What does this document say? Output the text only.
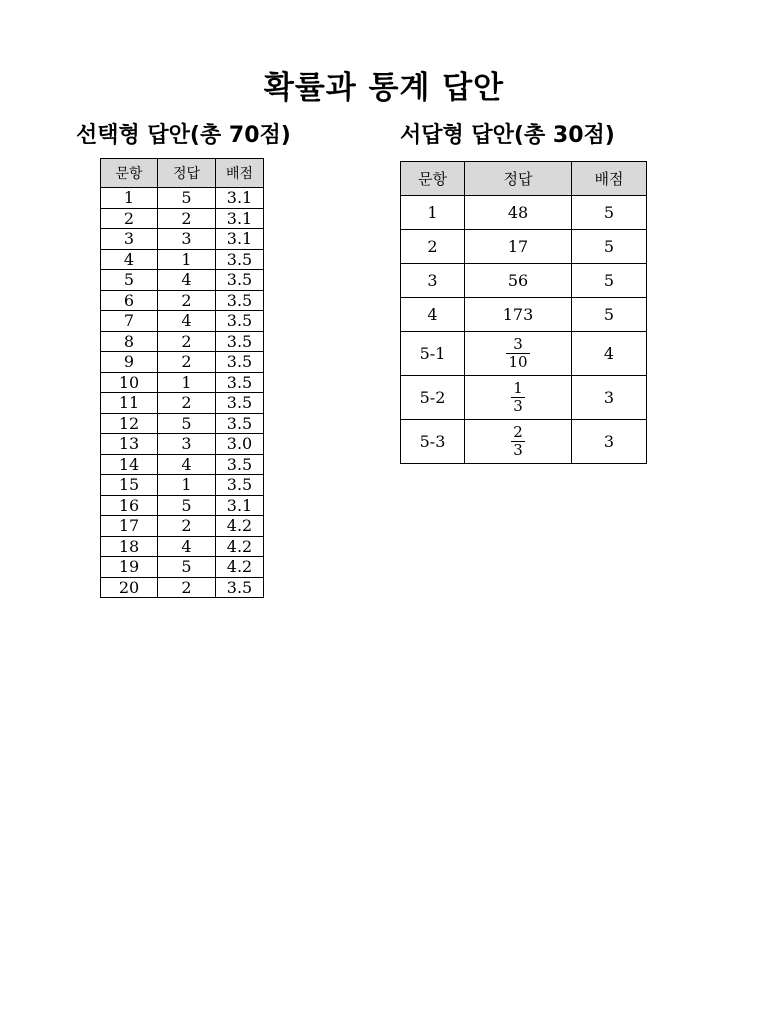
확률과 통계 답안
선택형 답안(총 70점)	서답형 답안(총 30점)
문항	정답	배점
1	5	3.1
2	2	3.1
3	3	3.1
4	1	3.5
5	4	3.5
6	2	3.5
7	4	3.5
8	2	3.5
9	2	3.5
10	1	3.5
11	2	3.5
12	5	3.5
13	3	3.0
14	4	3.5
15	1	3.5
16	5	3.1
17	2	4.2
18	4	4.2
19	5	4.2
20	2	3.5
문항	정답	배점
1	48	5
2	17	5
3	56	5
4	173	5
5-1	$\frac{3}{10}$	4
5-2	$\frac{1}{3}$	3
5-3	$\frac{2}{3}$	3
